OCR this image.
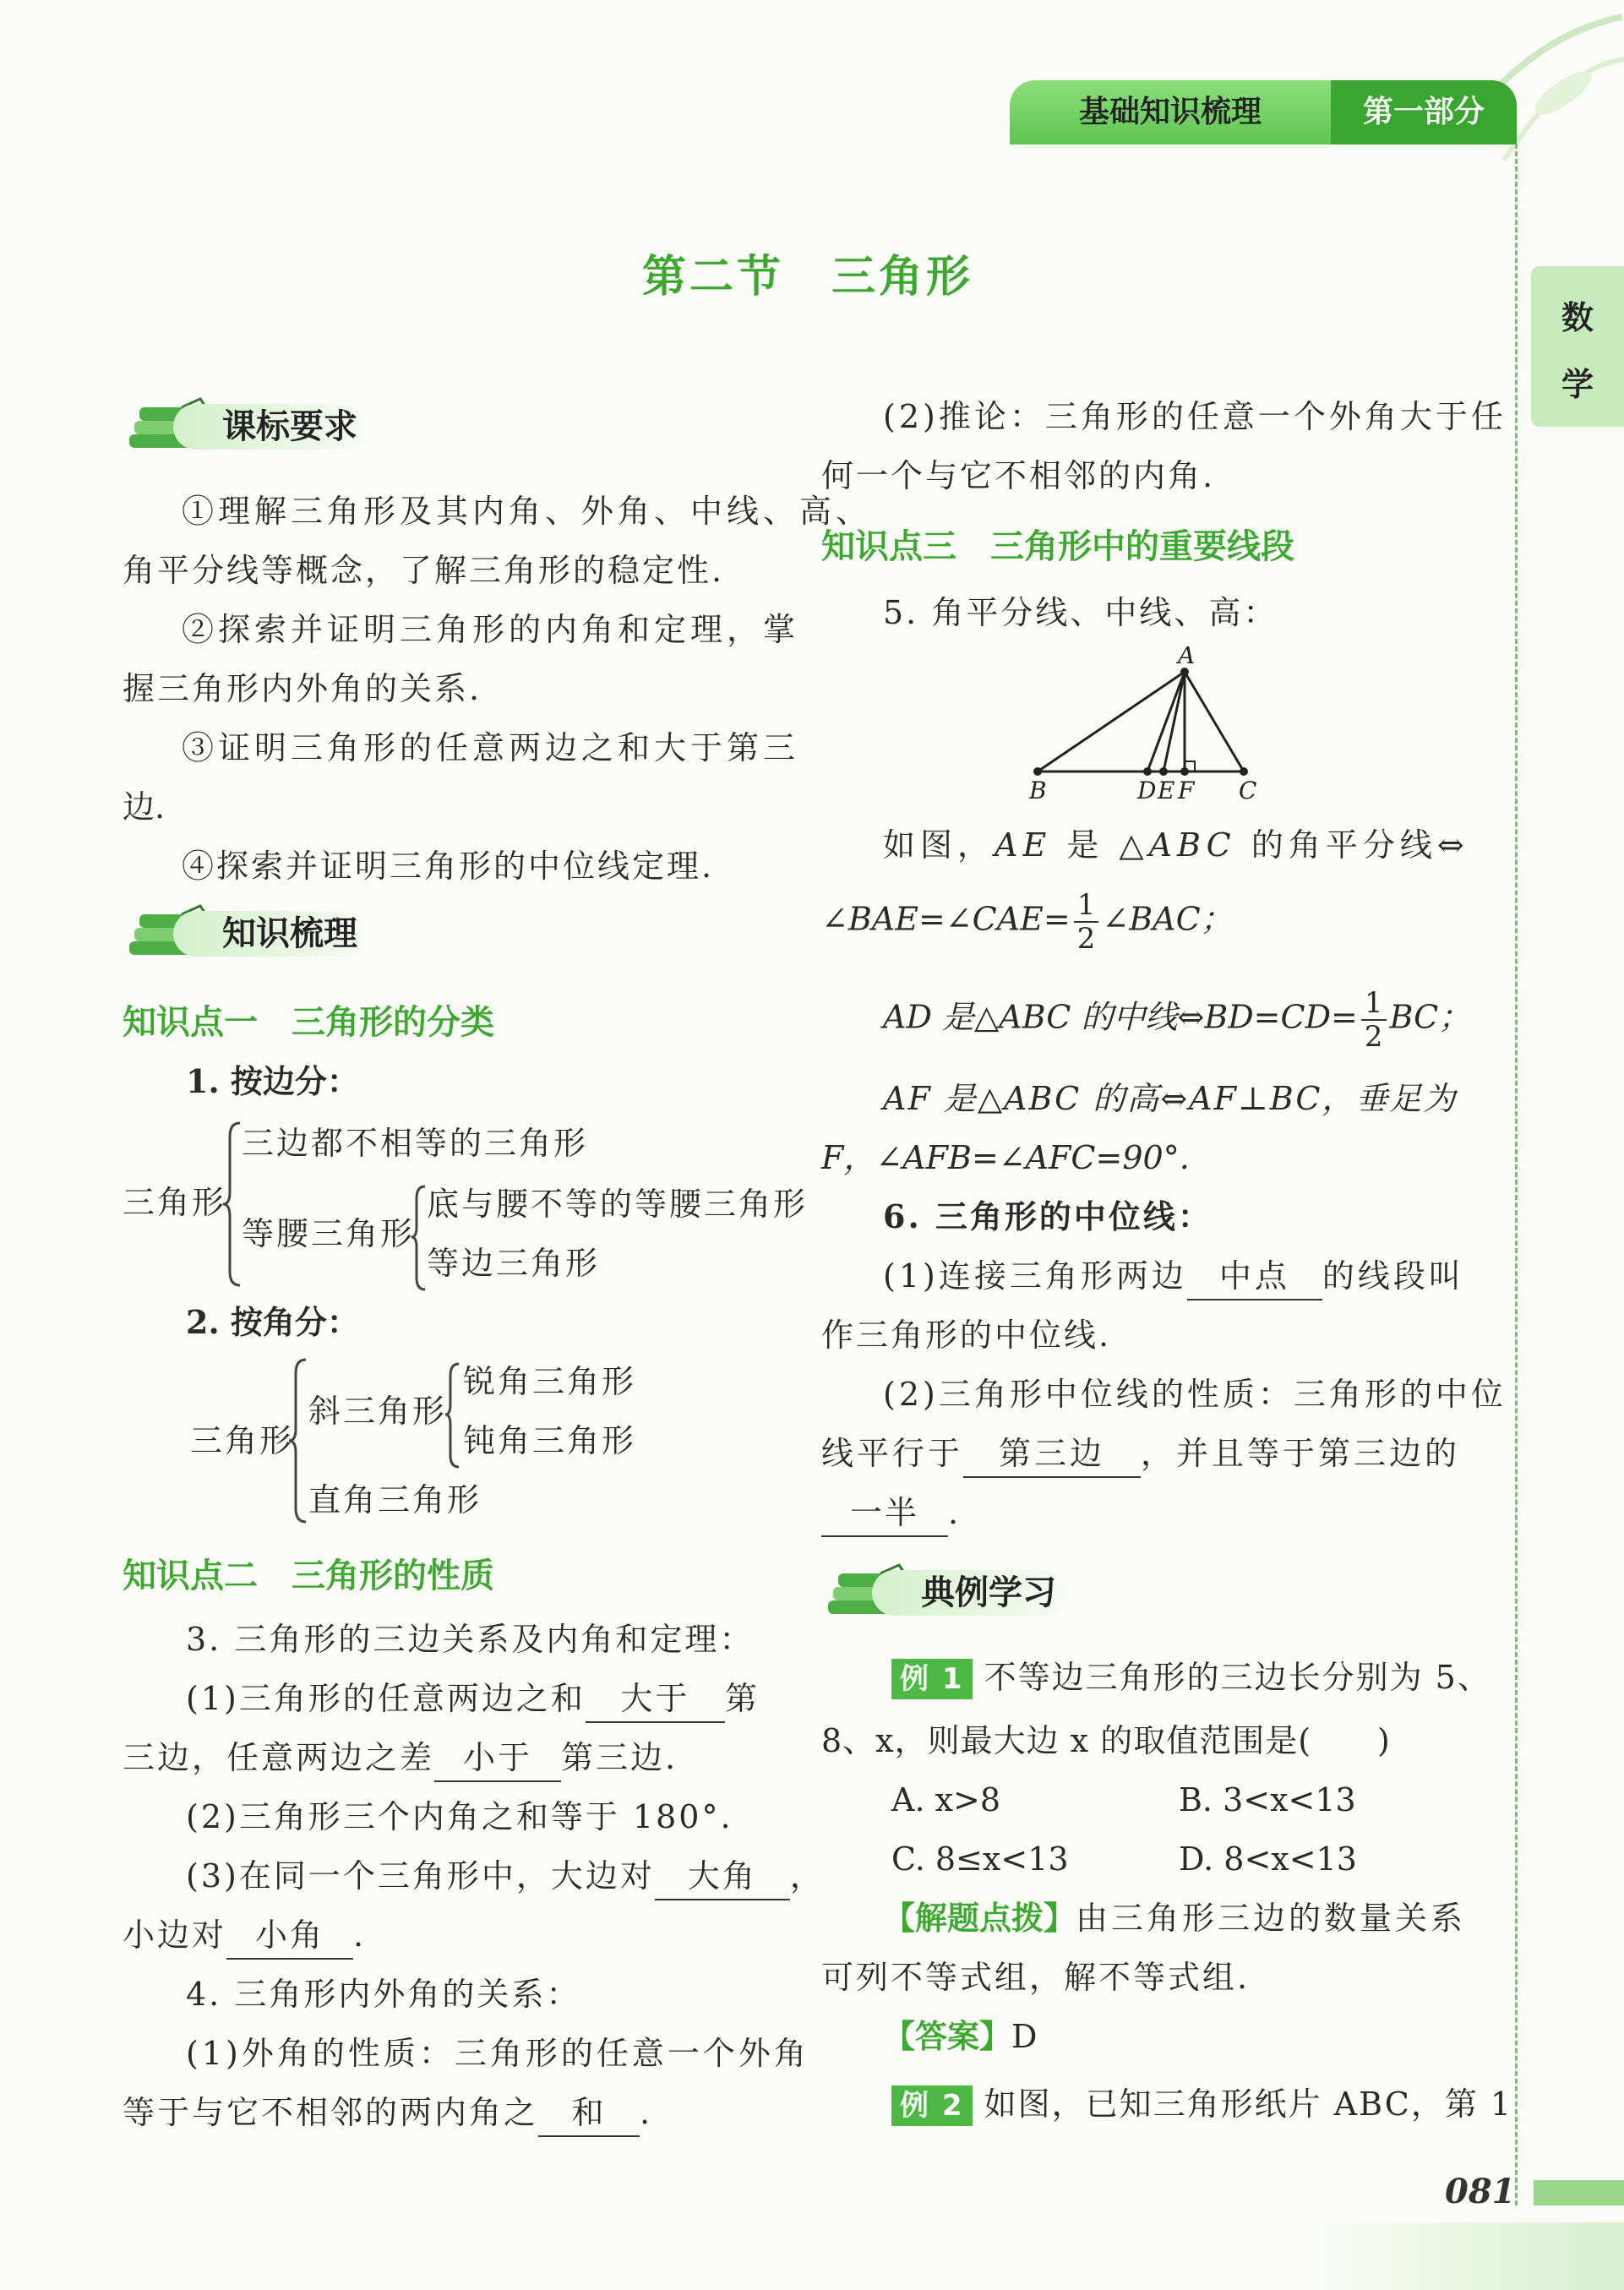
基础知识梳理	第一部分
数
学
第二节　三角形
课标要求
①理解三角形及其内角、外角、中线、高、
角平分线等概念，了解三角形的稳定性.
②探索并证明三角形的内角和定理，掌
握三角形内外角的关系.
③证明三角形的任意两边之和大于第三
边.
④探索并证明三角形的中位线定理.
知识梳理
知识点一　三角形的分类
1. 按边分：
三角形
三边都不相等的三角形
等腰三角形
底与腰不等的等腰三角形
等边三角形
2. 按角分：
三角形
斜三角形
锐角三角形
钝角三角形
直角三角形
知识点二　三角形的性质
3. 三角形的三边关系及内角和定理：
(1)三角形的任意两边之和 大于 第
三边，任意两边之差 小于 第三边.
(2)三角形三个内角之和等于 180°.
(3)在同一个三角形中，大边对 大角 ，
小边对 小角 .
4. 三角形内外角的关系：
(1)外角的性质：三角形的任意一个外角
等于与它不相邻的两内角之 和 .
(2)推论：三角形的任意一个外角大于任
何一个与它不相邻的内角.
知识点三　三角形中的重要线段
5. 角平分线、中线、高：
A
B	D E F C
如图，AE 是 △ABC 的角平分线⇔
∠BAE=∠CAE= $\frac{1}{2}$ ∠BAC；
AD 是△ABC 的中线⇔BD=CD= $\frac{1}{2}$ BC；
AF 是△ABC 的高⇔AF⊥BC，垂足为
F，∠AFB=∠AFC=90°.
6. 三角形的中位线：
(1)连接三角形两边 中点 的线段叫
作三角形的中位线.
(2)三角形中位线的性质：三角形的中位
线平行于 第三边 ，并且等于第三边的
一半 .
典例学习
例 1 不等边三角形的三边长分别为 5、
8、x，则最大边 x 的取值范围是(　　)
A. x>8	B. 3<x<13
C. 8≤x<13	D. 8<x<13
【解题点拨】由三角形三边的数量关系
可列不等式组，解不等式组.
【答案】D
例 2 如图，已知三角形纸片 ABC，第 1
081
